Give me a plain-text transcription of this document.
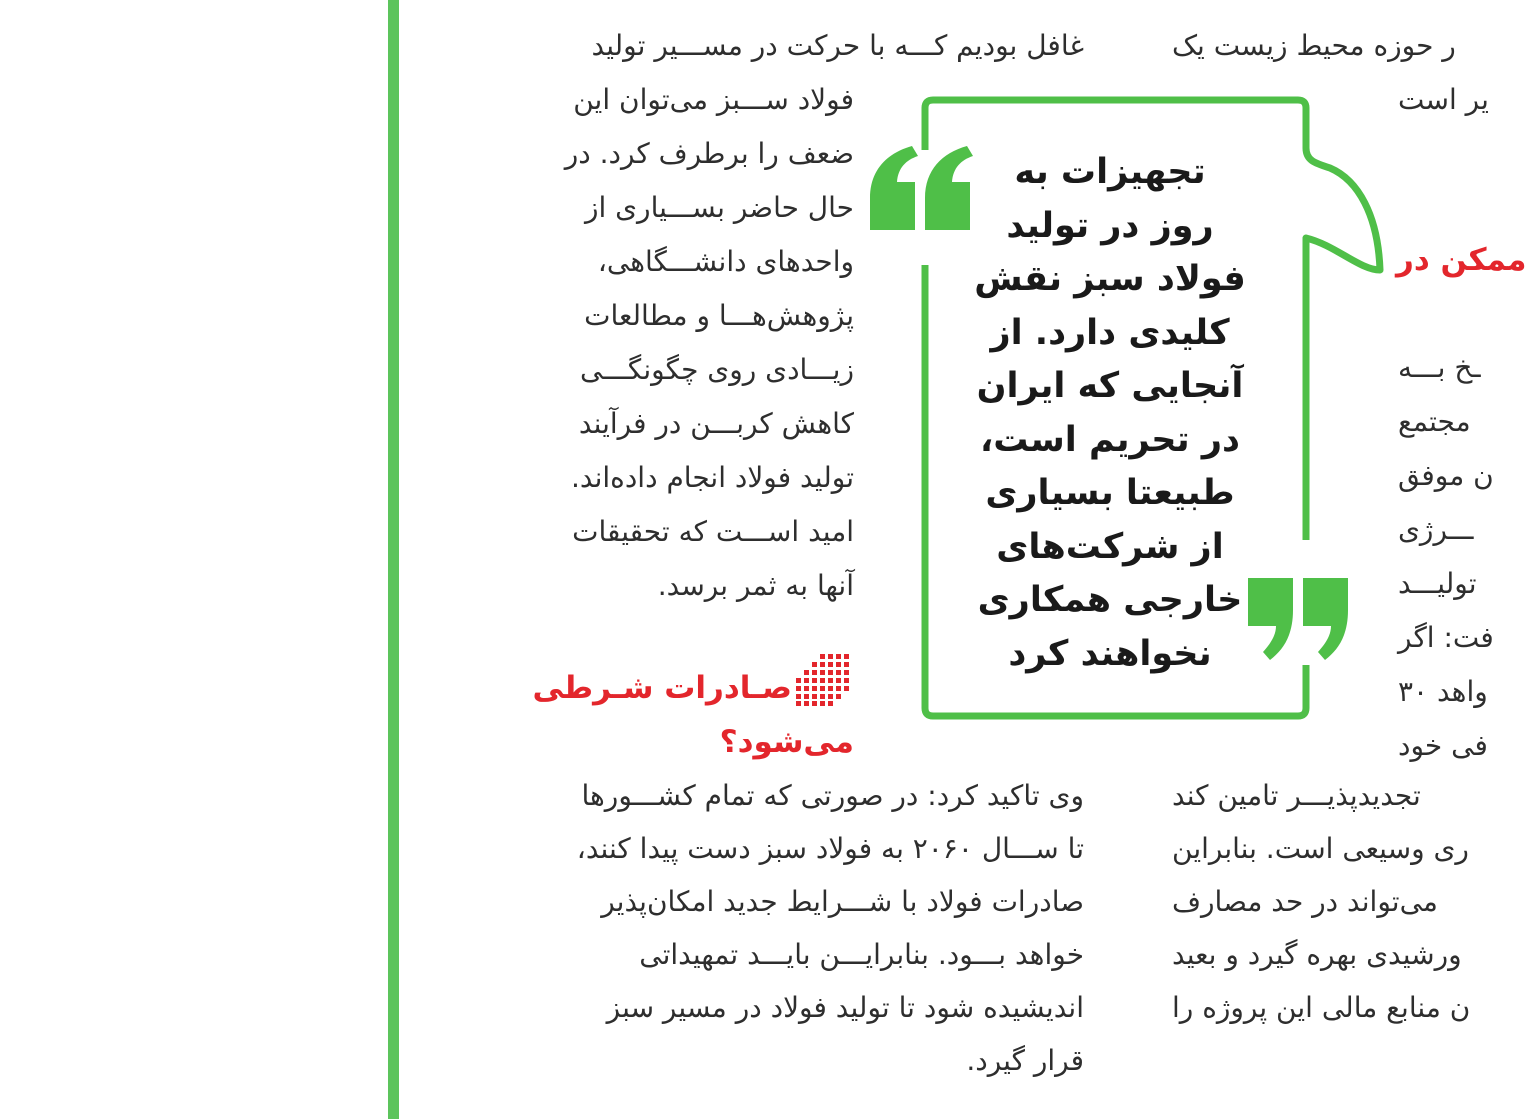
غافل بودیم کـــه با حرکت در مســـیر تولید
فولاد ســـبز می‌توان این
ضعف را برطرف کرد. در
حال حاضر بســـیاری از
واحدهای دانشـــگاهی،
پژوهش‌هـــا و مطالعات
زیـــادی روی چگونگـــی
کاهش کربـــن در فرآیند
تولید فولاد انجام داده‌اند.
امید اســـت که تحقیقات
آنها به ثمر برسد.
صـادرات شـرطی
می‌شود؟
وی تاکید کرد: در صورتی که تمام کشـــورها
تا ســـال ۲۰۶۰ به فولاد سبز دست پیدا کنند،
صادرات فولاد با شـــرایط جدید امکان‌پذیر
خواهد بـــود. بنابرایـــن بایـــد تمهیداتی
اندیشیده شود تا تولید فولاد در مسیر سبز
قرار گیرد.
تجهیزات به
روز در تولید
فولاد سبز نقش
کلیدی دارد. از
آنجایی که ایران
در تحریم است،
طبیعتا بسیاری
از شرکت‌های
خارجی همکاری
نخواهند کرد
ر حوزه محیط زیست یک
یر است
ممکن در
ـخ بـــه
مجتمع
ن موفق
ـــرژی
تولیـــد
فت: اگر
واهد ۳۰
فی خود
تجدیدپذیـــر تامین کند
ری وسیعی است. بنابراین
می‌تواند در حد مصارف
ورشیدی بهره گیرد و بعید
ن منابع مالی این پروژه را
